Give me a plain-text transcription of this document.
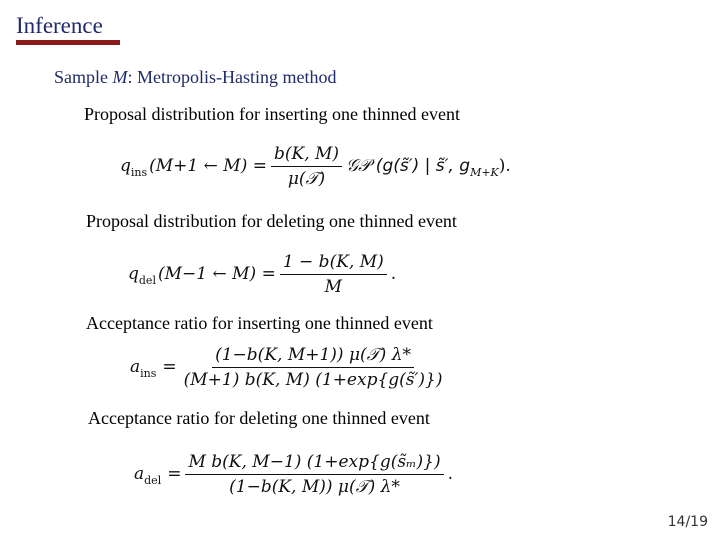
Inference
Sample M: Metropolis-Hasting method
Proposal distribution for inserting one thinned event
q ins (M+1 ← $M) = \frac{b(K, M)}{\text{μ(𝒯)}}$ 𝒢𝒫 (g(s̃′) | s̃′, g M+K ).
Proposal distribution for deleting one thinned event
q del (M−1 ← $M) = \frac{1 - b(K, M)}{M}$ .
Acceptance ratio for inserting one thinned event
a ins = $\frac{\text{(1−b(K, M+1)) μ(𝒯) λ*}}{(M+1) b(K, M) (1+\exp\{g(s̃')\})}$
Acceptance ratio for deleting one thinned event
a del = $\frac{\text{M b(K, M−1) (1+exp\{g(s̃ₘ)\})}}{\text{(1−b(K, M)) μ(𝒯) λ*}}$ .
14/19
